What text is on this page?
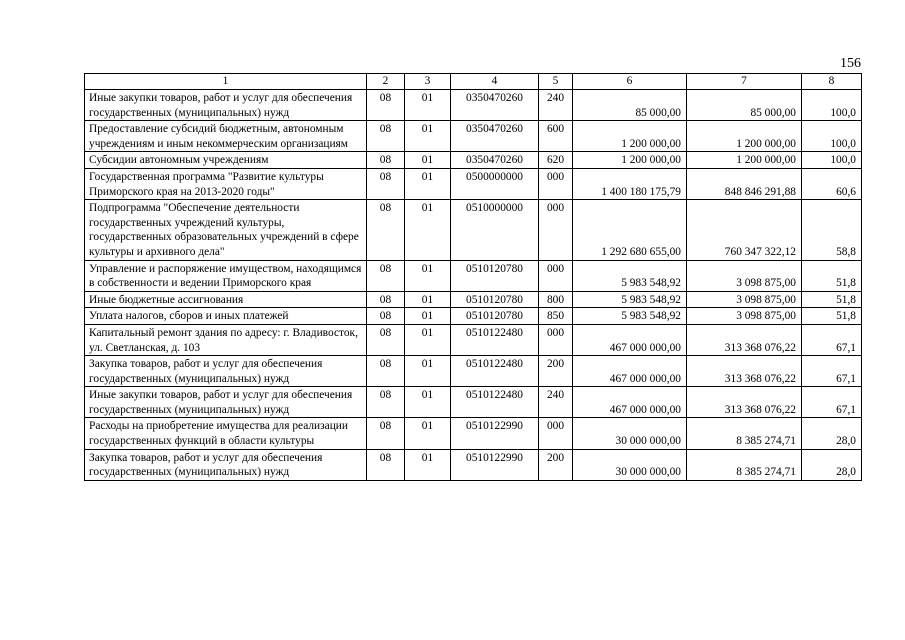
156
1	2	3	4	5	6	7	8
Иные закупки товаров, работ и услуг для обеспечения государственных (муниципальных) нужд	08	01	0350470260	240	85 000,00	85 000,00	100,0
Предоставление субсидий бюджетным, автономным учреждениям и иным некоммерческим организациям	08	01	0350470260	600	1 200 000,00	1 200 000,00	100,0
Субсидии автономным учреждениям	08	01	0350470260	620	1 200 000,00	1 200 000,00	100,0
Государственная программа "Развитие культуры Приморского края на 2013-2020 годы"	08	01	0500000000	000	1 400 180 175,79	848 846 291,88	60,6
Подпрограмма "Обеспечение деятельности государственных учреждений культуры, государственных образовательных учреждений в сфере культуры и архивного дела"	08	01	0510000000	000	1 292 680 655,00	760 347 322,12	58,8
Управление и распоряжение имуществом, находящимся в собственности и ведении Приморского края	08	01	0510120780	000	5 983 548,92	3 098 875,00	51,8
Иные бюджетные ассигнования	08	01	0510120780	800	5 983 548,92	3 098 875,00	51,8
Уплата налогов, сборов и иных платежей	08	01	0510120780	850	5 983 548,92	3 098 875,00	51,8
Капитальный ремонт здания по адресу: г. Владивосток, ул. Светланская, д. 103	08	01	0510122480	000	467 000 000,00	313 368 076,22	67,1
Закупка товаров, работ и услуг для обеспечения государственных (муниципальных) нужд	08	01	0510122480	200	467 000 000,00	313 368 076,22	67,1
Иные закупки товаров, работ и услуг для обеспечения государственных (муниципальных) нужд	08	01	0510122480	240	467 000 000,00	313 368 076,22	67,1
Расходы на приобретение имущества для реализации государственных функций в области культуры	08	01	0510122990	000	30 000 000,00	8 385 274,71	28,0
Закупка товаров, работ и услуг для обеспечения государственных (муниципальных) нужд	08	01	0510122990	200	30 000 000,00	8 385 274,71	28,0
